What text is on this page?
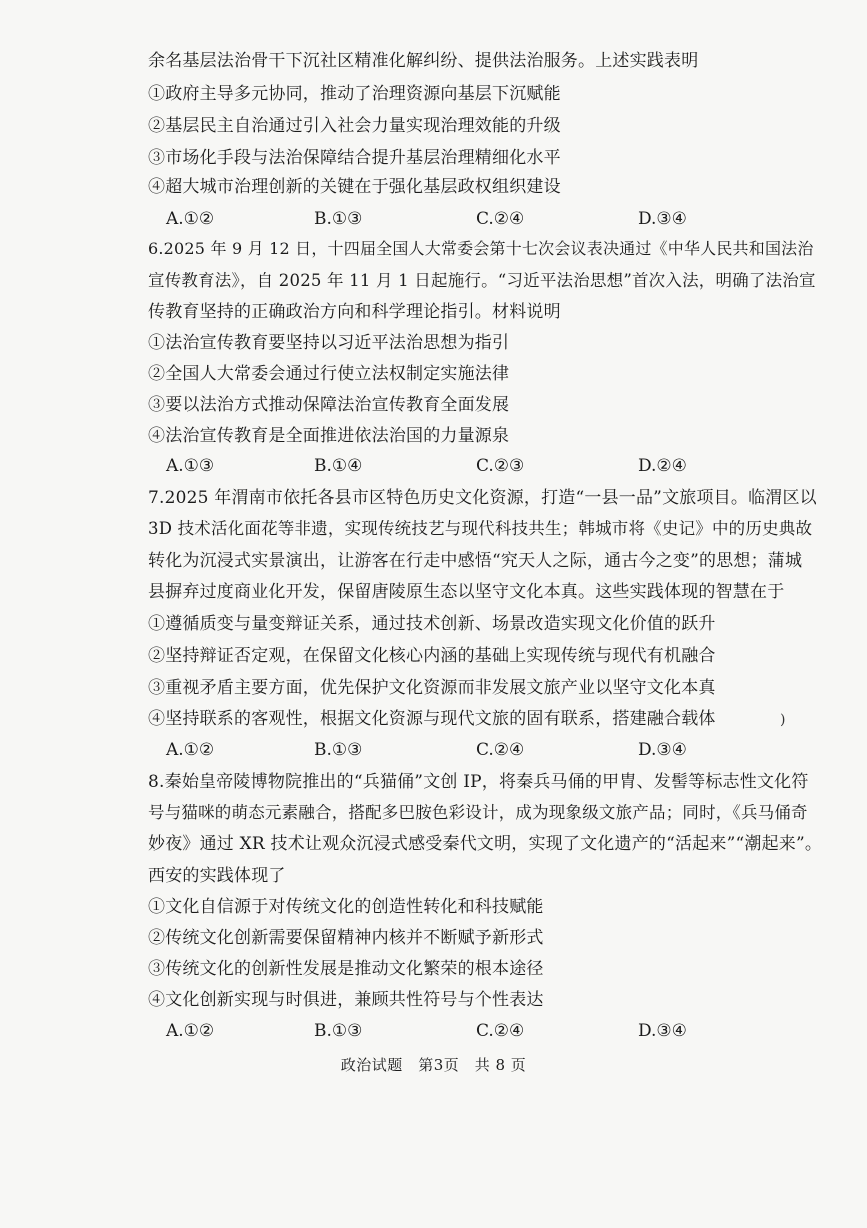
余名基层法治骨干下沉社区精准化解纠纷、提供法治服务。上述实践表明
①政府主导多元协同，推动了治理资源向基层下沉赋能
②基层民主自治通过引入社会力量实现治理效能的升级
③市场化手段与法治保障结合提升基层治理精细化水平
④超大城市治理创新的关键在于强化基层政权组织建设
A.①②	B.①③	C.②④	D.③④
6.2025 年 9 月 12 日，十四届全国人大常委会第十七次会议表决通过《中华人民共和国法治
宣传教育法》，自 2025 年 11 月 1 日起施行。“习近平法治思想”首次入法，明确了法治宣
传教育坚持的正确政治方向和科学理论指引。材料说明
①法治宣传教育要坚持以习近平法治思想为指引
②全国人大常委会通过行使立法权制定实施法律
③要以法治方式推动保障法治宣传教育全面发展
④法治宣传教育是全面推进依法治国的力量源泉
A.①③	B.①④	C.②③	D.②④
7.2025 年渭南市依托各县市区特色历史文化资源，打造“一县一品”文旅项目。临渭区以
3D 技术活化面花等非遗，实现传统技艺与现代科技共生；韩城市将《史记》中的历史典故
转化为沉浸式实景演出，让游客在行走中感悟“究天人之际，通古今之变”的思想；蒲城
县摒弃过度商业化开发，保留唐陵原生态以坚守文化本真。这些实践体现的智慧在于
①遵循质变与量变辩证关系，通过技术创新、场景改造实现文化价值的跃升
②坚持辩证否定观，在保留文化核心内涵的基础上实现传统与现代有机融合
③重视矛盾主要方面，优先保护文化资源而非发展文旅产业以坚守文化本真
④坚持联系的客观性，根据文化资源与现代文旅的固有联系，搭建融合载体	)
A.①②	B.①③	C.②④	D.③④
8.秦始皇帝陵博物院推出的“兵猫俑”文创 IP，将秦兵马俑的甲胄、发髻等标志性文化符
号与猫咪的萌态元素融合，搭配多巴胺色彩设计，成为现象级文旅产品；同时，《兵马俑奇
妙夜》通过 XR 技术让观众沉浸式感受秦代文明，实现了文化遗产的“活起来”“潮起来”。
西安的实践体现了
①文化自信源于对传统文化的创造性转化和科技赋能
②传统文化创新需要保留精神内核并不断赋予新形式
③传统文化的创新性发展是推动文化繁荣的根本途径
④文化创新实现与时俱进，兼顾共性符号与个性表达
A.①②	B.①③	C.②④	D.③④
政治试题　第3页　共 8 页
